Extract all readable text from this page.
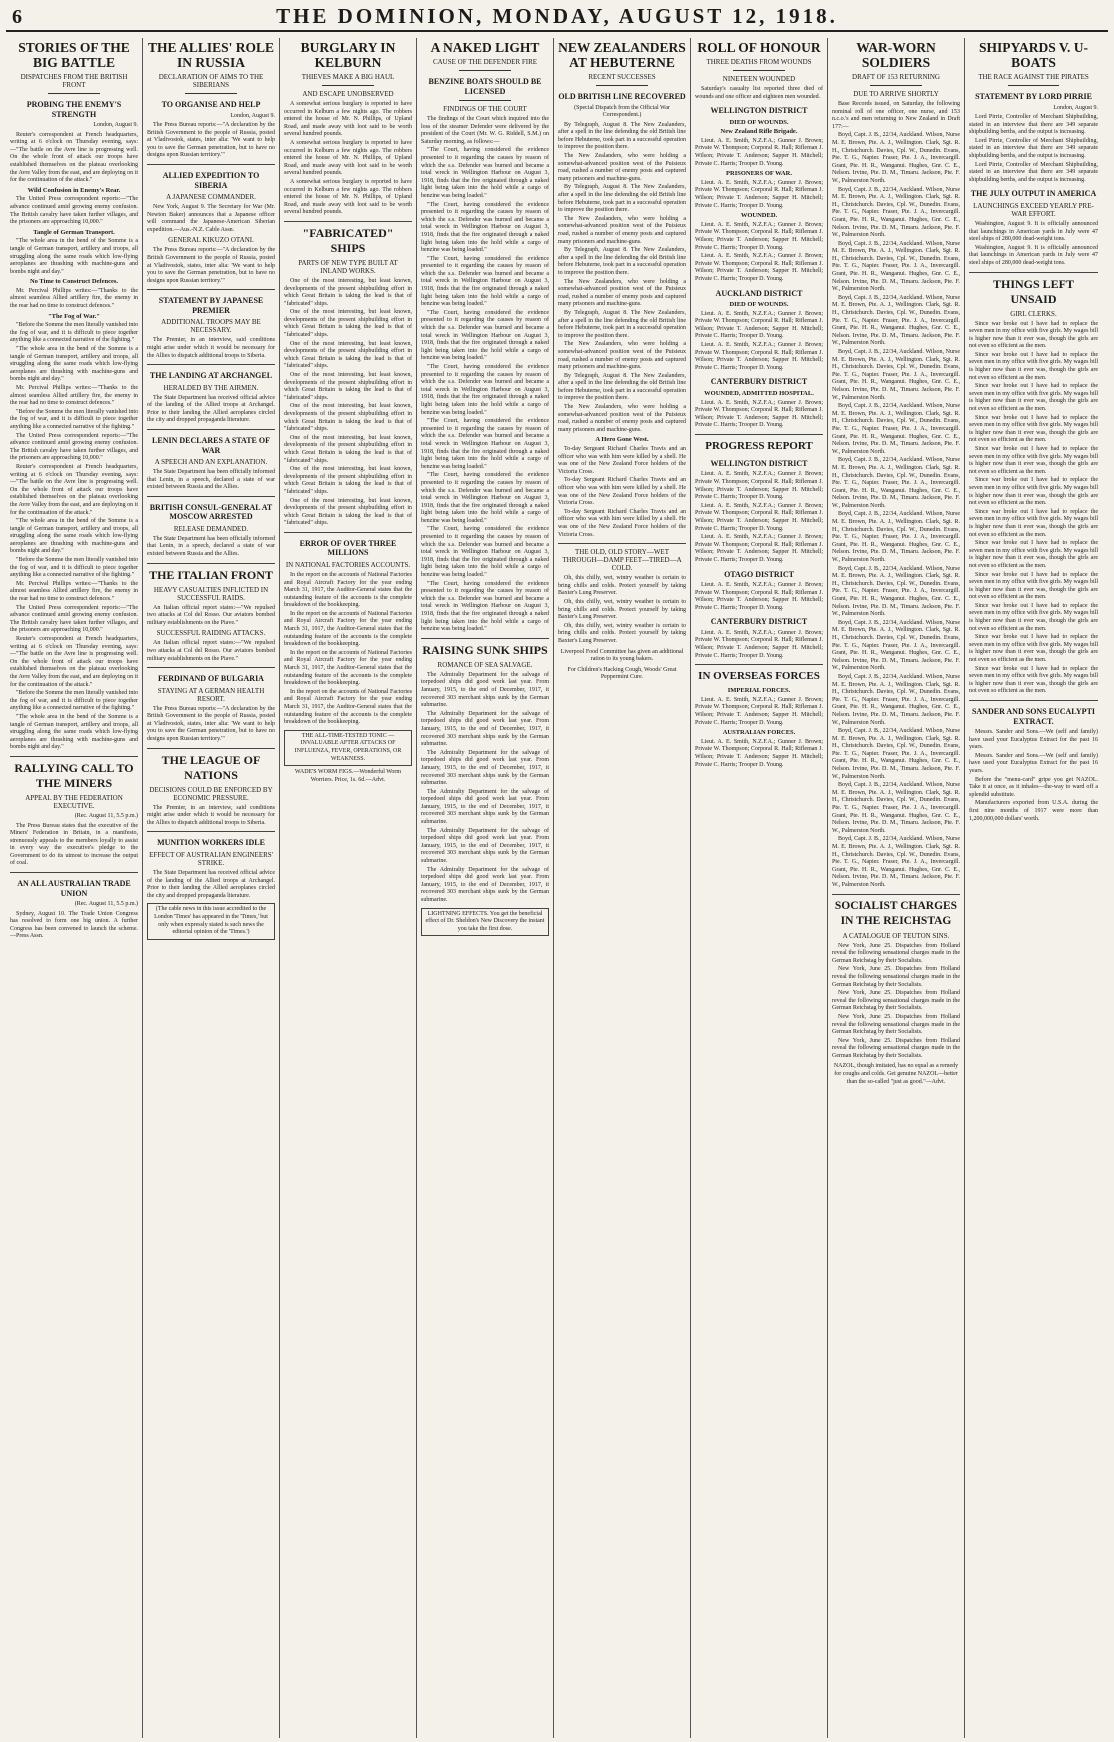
6	THE DOMINION, MONDAY, AUGUST 12, 1918.
STORIES OF THE BIG BATTLE
DISPATCHES FROM THE BRITISH FRONT
PROBING THE ENEMY'S STRENGTH
London, August 9.

Reuter's correspondent at French headquarters, writing at 6 o'clock on Thursday evening, says:—"The battle on the Avre line is progressing well. On the whole front of attack our troops have established themselves on the plateau overlooking the Avre Valley from the east, and are deploying on it for the continuation of the attack."

Wild Confusion in Enemy's Rear.

The United Press correspondent reports:—"The advance continued amid growing enemy confusion. The British cavalry have taken further villages, and the prisoners are approaching 10,000."

Tangle of German Transport.

"The whole area in the bend of the Somme is a tangle of German transport, artillery and troops, all struggling along the same roads which low-flying aeroplanes are thrashing with machine-guns and bombs night and day."

No Time to Construct Defences.

Mr. Percival Phillips writes:—"Thanks to the almost seamless Allied artillery fire, the enemy in the rear had no time to construct defences."

"The Fog of War."

"Before the Somme the men literally vanished into the fog of war, and it is difficult to piece together anything like a connected narrative of the fighting."

"The whole area in the bend of the Somme is a tangle of German transport, artillery and troops, all struggling along the same roads which low-flying aeroplanes are thrashing with machine-guns and bombs night and day."

Mr. Percival Phillips writes:—"Thanks to the almost seamless Allied artillery fire, the enemy in the rear had no time to construct defences."

"Before the Somme the men literally vanished into the fog of war, and it is difficult to piece together anything like a connected narrative of the fighting."

The United Press correspondent reports:—"The advance continued amid growing enemy confusion. The British cavalry have taken further villages, and the prisoners are approaching 10,000."

Reuter's correspondent at French headquarters, writing at 6 o'clock on Thursday evening, says:—"The battle on the Avre line is progressing well. On the whole front of attack our troops have established themselves on the plateau overlooking the Avre Valley from the east, and are deploying on it for the continuation of the attack."

"The whole area in the bend of the Somme is a tangle of German transport, artillery and troops, all struggling along the same roads which low-flying aeroplanes are thrashing with machine-guns and bombs night and day."

"Before the Somme the men literally vanished into the fog of war, and it is difficult to piece together anything like a connected narrative of the fighting."

Mr. Percival Phillips writes:—"Thanks to the almost seamless Allied artillery fire, the enemy in the rear had no time to construct defences."

The United Press correspondent reports:—"The advance continued amid growing enemy confusion. The British cavalry have taken further villages, and the prisoners are approaching 10,000."

Reuter's correspondent at French headquarters, writing at 6 o'clock on Thursday evening, says:—"The battle on the Avre line is progressing well. On the whole front of attack our troops have established themselves on the plateau overlooking the Avre Valley from the east, and are deploying on it for the continuation of the attack."

"Before the Somme the men literally vanished into the fog of war, and it is difficult to piece together anything like a connected narrative of the fighting."

"The whole area in the bend of the Somme is a tangle of German transport, artillery and troops, all struggling along the same roads which low-flying aeroplanes are thrashing with machine-guns and bombs night and day."

RALLYING CALL TO THE MINERS
APPEAL BY THE FEDERATION EXECUTIVE.
(Rec. August 11, 5.5 p.m.)

The Press Bureau states that the executive of the Miners' Federation in Britain, in a manifesto, strenuously appeals to the members loyally to assist in every way the executive's pledge to the Government to do its utmost to increase the output of coal.

AN ALL AUSTRALIAN TRADE UNION
(Rec. August 11, 5.5 p.m.)

Sydney, August 10. The Trade Union Congress has resolved to form one big union. A further Congress has been convened to launch the scheme.—Press Assn.

THE ALLIES' ROLE IN RUSSIA
DECLARATION OF AIMS TO THE SIBERIANS
TO ORGANISE AND HELP
London, August 9.

The Press Bureau reports:—"A declaration by the British Government to the people of Russia, posted at Vladivostok, states, inter alia: 'We want to help you to save the German penetration, but to have no designs upon Russian territory.'"

ALLIED EXPEDITION TO SIBERIA
A JAPANESE COMMANDER.

New York, August 9. The Secretary for War (Mr. Newton Baker) announces that a Japanese officer will command the Japanese-American Siberian expedition.—Aus.-N.Z. Cable Assn.

GENERAL KIKUZO OTANI.

The Press Bureau reports:—"A declaration by the British Government to the people of Russia, posted at Vladivostok, states, inter alia: 'We want to help you to save the German penetration, but to have no designs upon Russian territory.'"

STATEMENT BY JAPANESE PREMIER
ADDITIONAL TROOPS MAY BE NECESSARY.

The Premier, in an interview, said conditions might arise under which it would be necessary for the Allies to dispatch additional troops to Siberia.

THE LANDING AT ARCHANGEL
HERALDED BY THE AIRMEN.

The State Department has received official advice of the landing of the Allied troops at Archangel. Prior to their landing the Allied aeroplanes circled the city and dropped propaganda literature.

LENIN DECLARES A STATE OF WAR
A SPEECH AND AN EXPLANATION.

The State Department has been officially informed that Lenin, in a speech, declared a state of war existed between Russia and the Allies.

BRITISH CONSUL-GENERAL AT MOSCOW ARRESTED
RELEASE DEMANDED.

The State Department has been officially informed that Lenin, in a speech, declared a state of war existed between Russia and the Allies.

THE ITALIAN FRONT
HEAVY CASUALTIES INFLICTED IN SUCCESSFUL RAIDS.

An Italian official report states:—"We repulsed two attacks at Col del Rosso. Our aviators bombed military establishments on the Piave."

SUCCESSFUL RAIDING ATTACKS.

An Italian official report states:—"We repulsed two attacks at Col del Rosso. Our aviators bombed military establishments on the Piave."

FERDINAND OF BULGARIA
STAYING AT A GERMAN HEALTH RESORT.

The Press Bureau reports:—"A declaration by the British Government to the people of Russia, posted at Vladivostok, states, inter alia: 'We want to help you to save the German penetration, but to have no designs upon Russian territory.'"

THE LEAGUE OF NATIONS
DECISIONS COULD BE ENFORCED BY ECONOMIC PRESSURE.

The Premier, in an interview, said conditions might arise under which it would be necessary for the Allies to dispatch additional troops to Siberia.

MUNITION WORKERS IDLE
EFFECT OF AUSTRALIAN ENGINEERS' STRIKE.

The State Department has received official advice of the landing of the Allied troops at Archangel. Prior to their landing the Allied aeroplanes circled the city and dropped propaganda literature.

(The cable news in this issue accredited to the London 'Times' has appeared in the 'Times,' but only when expressly stated is such news the editorial opinion of the 'Times.')
BURGLARY IN KELBURN
THIEVES MAKE A BIG HAUL
AND ESCAPE UNOBSERVED

A somewhat serious burglary is reported to have occurred in Kelburn a few nights ago. The robbers entered the house of Mr. N. Phillips, of Upland Road, and made away with loot said to be worth several hundred pounds.

A somewhat serious burglary is reported to have occurred in Kelburn a few nights ago. The robbers entered the house of Mr. N. Phillips, of Upland Road, and made away with loot said to be worth several hundred pounds.

A somewhat serious burglary is reported to have occurred in Kelburn a few nights ago. The robbers entered the house of Mr. N. Phillips, of Upland Road, and made away with loot said to be worth several hundred pounds.

"FABRICATED" SHIPS
PARTS OF NEW TYPE BUILT AT INLAND WORKS.

One of the most interesting, but least known, developments of the present shipbuilding effort in which Great Britain is taking the lead is that of "fabricated" ships.

One of the most interesting, but least known, developments of the present shipbuilding effort in which Great Britain is taking the lead is that of "fabricated" ships.

One of the most interesting, but least known, developments of the present shipbuilding effort in which Great Britain is taking the lead is that of "fabricated" ships.

One of the most interesting, but least known, developments of the present shipbuilding effort in which Great Britain is taking the lead is that of "fabricated" ships.

One of the most interesting, but least known, developments of the present shipbuilding effort in which Great Britain is taking the lead is that of "fabricated" ships.

One of the most interesting, but least known, developments of the present shipbuilding effort in which Great Britain is taking the lead is that of "fabricated" ships.

One of the most interesting, but least known, developments of the present shipbuilding effort in which Great Britain is taking the lead is that of "fabricated" ships.

One of the most interesting, but least known, developments of the present shipbuilding effort in which Great Britain is taking the lead is that of "fabricated" ships.

ERROR OF OVER THREE MILLIONS
IN NATIONAL FACTORIES ACCOUNTS.

In the report on the accounts of National Factories and Royal Aircraft Factory for the year ending March 31, 1917, the Auditor-General states that the outstanding feature of the accounts is the complete breakdown of the bookkeeping.

In the report on the accounts of National Factories and Royal Aircraft Factory for the year ending March 31, 1917, the Auditor-General states that the outstanding feature of the accounts is the complete breakdown of the bookkeeping.

In the report on the accounts of National Factories and Royal Aircraft Factory for the year ending March 31, 1917, the Auditor-General states that the outstanding feature of the accounts is the complete breakdown of the bookkeeping.

In the report on the accounts of National Factories and Royal Aircraft Factory for the year ending March 31, 1917, the Auditor-General states that the outstanding feature of the accounts is the complete breakdown of the bookkeeping.

THE ALL-TIME-TESTED TONIC — INVALUABLE AFTER ATTACKS OF INFLUENZA, FEVER, OPERATIONS, OR WEAKNESS.
WADE'S WORM FIGS.—Wonderful Worm Worriers. Price, 1s. 6d.—Advt.
A NAKED LIGHT
CAUSE OF THE DEFENDER FIRE
BENZINE BOATS SHOULD BE LICENSED
FINDINGS OF THE COURT

The findings of the Court which inquired into the loss of the steamer Defender were delivered by the president of the Court (Mr. W. G. Riddell, S.M.) on Saturday morning, as follows:—

"The Court, having considered the evidence presented to it regarding the causes by reason of which the s.s. Defender was burned and became a total wreck in Wellington Harbour on August 3, 1918, finds that the fire originated through a naked light being taken into the hold while a cargo of benzine was being loaded."

"The Court, having considered the evidence presented to it regarding the causes by reason of which the s.s. Defender was burned and became a total wreck in Wellington Harbour on August 3, 1918, finds that the fire originated through a naked light being taken into the hold while a cargo of benzine was being loaded."

"The Court, having considered the evidence presented to it regarding the causes by reason of which the s.s. Defender was burned and became a total wreck in Wellington Harbour on August 3, 1918, finds that the fire originated through a naked light being taken into the hold while a cargo of benzine was being loaded."

"The Court, having considered the evidence presented to it regarding the causes by reason of which the s.s. Defender was burned and became a total wreck in Wellington Harbour on August 3, 1918, finds that the fire originated through a naked light being taken into the hold while a cargo of benzine was being loaded."

"The Court, having considered the evidence presented to it regarding the causes by reason of which the s.s. Defender was burned and became a total wreck in Wellington Harbour on August 3, 1918, finds that the fire originated through a naked light being taken into the hold while a cargo of benzine was being loaded."

"The Court, having considered the evidence presented to it regarding the causes by reason of which the s.s. Defender was burned and became a total wreck in Wellington Harbour on August 3, 1918, finds that the fire originated through a naked light being taken into the hold while a cargo of benzine was being loaded."

"The Court, having considered the evidence presented to it regarding the causes by reason of which the s.s. Defender was burned and became a total wreck in Wellington Harbour on August 3, 1918, finds that the fire originated through a naked light being taken into the hold while a cargo of benzine was being loaded."

"The Court, having considered the evidence presented to it regarding the causes by reason of which the s.s. Defender was burned and became a total wreck in Wellington Harbour on August 3, 1918, finds that the fire originated through a naked light being taken into the hold while a cargo of benzine was being loaded."

"The Court, having considered the evidence presented to it regarding the causes by reason of which the s.s. Defender was burned and became a total wreck in Wellington Harbour on August 3, 1918, finds that the fire originated through a naked light being taken into the hold while a cargo of benzine was being loaded."

RAISING SUNK SHIPS
ROMANCE OF SEA SALVAGE.

The Admiralty Department for the salvage of torpedoed ships did good work last year. From January, 1915, to the end of December, 1917, it recovered 303 merchant ships sunk by the German submarine.

The Admiralty Department for the salvage of torpedoed ships did good work last year. From January, 1915, to the end of December, 1917, it recovered 303 merchant ships sunk by the German submarine.

The Admiralty Department for the salvage of torpedoed ships did good work last year. From January, 1915, to the end of December, 1917, it recovered 303 merchant ships sunk by the German submarine.

The Admiralty Department for the salvage of torpedoed ships did good work last year. From January, 1915, to the end of December, 1917, it recovered 303 merchant ships sunk by the German submarine.

The Admiralty Department for the salvage of torpedoed ships did good work last year. From January, 1915, to the end of December, 1917, it recovered 303 merchant ships sunk by the German submarine.

The Admiralty Department for the salvage of torpedoed ships did good work last year. From January, 1915, to the end of December, 1917, it recovered 303 merchant ships sunk by the German submarine.

LIGHTNING EFFECTS. You get the beneficial effect of Dr. Sheldon's New Discovery the instant you take the first dose.
NEW ZEALANDERS AT HEBUTERNE
RECENT SUCCESSES
OLD BRITISH LINE RECOVERED
(Special Dispatch from the Official War Correspondent.)

By Telegraph, August 8. The New Zealanders, after a spell in the line defending the old British line before Hebuterne, took part in a successful operation to improve the position there.

The New Zealanders, who were holding a somewhat-advanced position west of the Puisieux road, rushed a number of enemy posts and captured many prisoners and machine-guns.

By Telegraph, August 8. The New Zealanders, after a spell in the line defending the old British line before Hebuterne, took part in a successful operation to improve the position there.

The New Zealanders, who were holding a somewhat-advanced position west of the Puisieux road, rushed a number of enemy posts and captured many prisoners and machine-guns.

By Telegraph, August 8. The New Zealanders, after a spell in the line defending the old British line before Hebuterne, took part in a successful operation to improve the position there.

The New Zealanders, who were holding a somewhat-advanced position west of the Puisieux road, rushed a number of enemy posts and captured many prisoners and machine-guns.

By Telegraph, August 8. The New Zealanders, after a spell in the line defending the old British line before Hebuterne, took part in a successful operation to improve the position there.

The New Zealanders, who were holding a somewhat-advanced position west of the Puisieux road, rushed a number of enemy posts and captured many prisoners and machine-guns.

By Telegraph, August 8. The New Zealanders, after a spell in the line defending the old British line before Hebuterne, took part in a successful operation to improve the position there.

The New Zealanders, who were holding a somewhat-advanced position west of the Puisieux road, rushed a number of enemy posts and captured many prisoners and machine-guns.

A Hero Gone West.

To-day Sergeant Richard Charles Travis and an officer who was with him were killed by a shell. He was one of the New Zealand Force holders of the Victoria Cross.

To-day Sergeant Richard Charles Travis and an officer who was with him were killed by a shell. He was one of the New Zealand Force holders of the Victoria Cross.

To-day Sergeant Richard Charles Travis and an officer who was with him were killed by a shell. He was one of the New Zealand Force holders of the Victoria Cross.

THE OLD, OLD STORY—WET THROUGH—DAMP FEET—TIRED—A COLD.

Oh, this chilly, wet, wintry weather is certain to bring chills and colds. Protect yourself by taking Baxter's Lung Preserver.

Oh, this chilly, wet, wintry weather is certain to bring chills and colds. Protect yourself by taking Baxter's Lung Preserver.

Oh, this chilly, wet, wintry weather is certain to bring chills and colds. Protect yourself by taking Baxter's Lung Preserver.

Liverpool Food Committee has given an additional ration to its young bakers.
For Children's Hacking Cough, Woods' Great Peppermint Cure.
ROLL OF HONOUR
THREE DEATHS FROM WOUNDS
NINETEEN WOUNDED

Saturday's casualty list reported three died of wounds and one officer and eighteen men wounded.

WELLINGTON DISTRICT
DIED OF WOUNDS.
New Zealand Rifle Brigade.

Lieut. A. E. Smith, N.Z.F.A.; Gunner J. Brown; Private W. Thompson; Corporal R. Hall; Rifleman J. Wilson; Private T. Anderson; Sapper H. Mitchell; Private C. Harris; Trooper D. Young.

PRISONERS OF WAR.

Lieut. A. E. Smith, N.Z.F.A.; Gunner J. Brown; Private W. Thompson; Corporal R. Hall; Rifleman J. Wilson; Private T. Anderson; Sapper H. Mitchell; Private C. Harris; Trooper D. Young.

WOUNDED.

Lieut. A. E. Smith, N.Z.F.A.; Gunner J. Brown; Private W. Thompson; Corporal R. Hall; Rifleman J. Wilson; Private T. Anderson; Sapper H. Mitchell; Private C. Harris; Trooper D. Young.

Lieut. A. E. Smith, N.Z.F.A.; Gunner J. Brown; Private W. Thompson; Corporal R. Hall; Rifleman J. Wilson; Private T. Anderson; Sapper H. Mitchell; Private C. Harris; Trooper D. Young.

AUCKLAND DISTRICT
DIED OF WOUNDS.

Lieut. A. E. Smith, N.Z.F.A.; Gunner J. Brown; Private W. Thompson; Corporal R. Hall; Rifleman J. Wilson; Private T. Anderson; Sapper H. Mitchell; Private C. Harris; Trooper D. Young.

Lieut. A. E. Smith, N.Z.F.A.; Gunner J. Brown; Private W. Thompson; Corporal R. Hall; Rifleman J. Wilson; Private T. Anderson; Sapper H. Mitchell; Private C. Harris; Trooper D. Young.

CANTERBURY DISTRICT
WOUNDED, ADMITTED HOSPITAL.

Lieut. A. E. Smith, N.Z.F.A.; Gunner J. Brown; Private W. Thompson; Corporal R. Hall; Rifleman J. Wilson; Private T. Anderson; Sapper H. Mitchell; Private C. Harris; Trooper D. Young.

PROGRESS REPORT
WELLINGTON DISTRICT

Lieut. A. E. Smith, N.Z.F.A.; Gunner J. Brown; Private W. Thompson; Corporal R. Hall; Rifleman J. Wilson; Private T. Anderson; Sapper H. Mitchell; Private C. Harris; Trooper D. Young.

Lieut. A. E. Smith, N.Z.F.A.; Gunner J. Brown; Private W. Thompson; Corporal R. Hall; Rifleman J. Wilson; Private T. Anderson; Sapper H. Mitchell; Private C. Harris; Trooper D. Young.

Lieut. A. E. Smith, N.Z.F.A.; Gunner J. Brown; Private W. Thompson; Corporal R. Hall; Rifleman J. Wilson; Private T. Anderson; Sapper H. Mitchell; Private C. Harris; Trooper D. Young.

OTAGO DISTRICT

Lieut. A. E. Smith, N.Z.F.A.; Gunner J. Brown; Private W. Thompson; Corporal R. Hall; Rifleman J. Wilson; Private T. Anderson; Sapper H. Mitchell; Private C. Harris; Trooper D. Young.

CANTERBURY DISTRICT

Lieut. A. E. Smith, N.Z.F.A.; Gunner J. Brown; Private W. Thompson; Corporal R. Hall; Rifleman J. Wilson; Private T. Anderson; Sapper H. Mitchell; Private C. Harris; Trooper D. Young.

IN OVERSEAS FORCES
IMPERIAL FORCES.

Lieut. A. E. Smith, N.Z.F.A.; Gunner J. Brown; Private W. Thompson; Corporal R. Hall; Rifleman J. Wilson; Private T. Anderson; Sapper H. Mitchell; Private C. Harris; Trooper D. Young.

AUSTRALIAN FORCES.

Lieut. A. E. Smith, N.Z.F.A.; Gunner J. Brown; Private W. Thompson; Corporal R. Hall; Rifleman J. Wilson; Private T. Anderson; Sapper H. Mitchell; Private C. Harris; Trooper D. Young.

WAR-WORN SOLDIERS
DRAFT OF 153 RETURNING
DUE TO ARRIVE SHORTLY

Base Records issued, on Saturday, the following nominal roll of one officer, one nurse, and 153 n.c.o.'s and men returning to New Zealand in Draft 177:—

Boyd, Capt. J. B., 22/34, Auckland. Wilson, Nurse M. E. Brown, Pte. A. J., Wellington. Clark, Sgt. R. H., Christchurch. Davies, Cpl. W., Dunedin. Evans, Pte. T. G., Napier. Fraser, Pte. J. A., Invercargill. Grant, Pte. H. R., Wanganui. Hughes, Gnr. C. E., Nelson. Irvine, Pte. D. M., Timaru. Jackson, Pte. F. W., Palmerston North.

Boyd, Capt. J. B., 22/34, Auckland. Wilson, Nurse M. E. Brown, Pte. A. J., Wellington. Clark, Sgt. R. H., Christchurch. Davies, Cpl. W., Dunedin. Evans, Pte. T. G., Napier. Fraser, Pte. J. A., Invercargill. Grant, Pte. H. R., Wanganui. Hughes, Gnr. C. E., Nelson. Irvine, Pte. D. M., Timaru. Jackson, Pte. F. W., Palmerston North.

Boyd, Capt. J. B., 22/34, Auckland. Wilson, Nurse M. E. Brown, Pte. A. J., Wellington. Clark, Sgt. R. H., Christchurch. Davies, Cpl. W., Dunedin. Evans, Pte. T. G., Napier. Fraser, Pte. J. A., Invercargill. Grant, Pte. H. R., Wanganui. Hughes, Gnr. C. E., Nelson. Irvine, Pte. D. M., Timaru. Jackson, Pte. F. W., Palmerston North.

Boyd, Capt. J. B., 22/34, Auckland. Wilson, Nurse M. E. Brown, Pte. A. J., Wellington. Clark, Sgt. R. H., Christchurch. Davies, Cpl. W., Dunedin. Evans, Pte. T. G., Napier. Fraser, Pte. J. A., Invercargill. Grant, Pte. H. R., Wanganui. Hughes, Gnr. C. E., Nelson. Irvine, Pte. D. M., Timaru. Jackson, Pte. F. W., Palmerston North.

Boyd, Capt. J. B., 22/34, Auckland. Wilson, Nurse M. E. Brown, Pte. A. J., Wellington. Clark, Sgt. R. H., Christchurch. Davies, Cpl. W., Dunedin. Evans, Pte. T. G., Napier. Fraser, Pte. J. A., Invercargill. Grant, Pte. H. R., Wanganui. Hughes, Gnr. C. E., Nelson. Irvine, Pte. D. M., Timaru. Jackson, Pte. F. W., Palmerston North.

Boyd, Capt. J. B., 22/34, Auckland. Wilson, Nurse M. E. Brown, Pte. A. J., Wellington. Clark, Sgt. R. H., Christchurch. Davies, Cpl. W., Dunedin. Evans, Pte. T. G., Napier. Fraser, Pte. J. A., Invercargill. Grant, Pte. H. R., Wanganui. Hughes, Gnr. C. E., Nelson. Irvine, Pte. D. M., Timaru. Jackson, Pte. F. W., Palmerston North.

Boyd, Capt. J. B., 22/34, Auckland. Wilson, Nurse M. E. Brown, Pte. A. J., Wellington. Clark, Sgt. R. H., Christchurch. Davies, Cpl. W., Dunedin. Evans, Pte. T. G., Napier. Fraser, Pte. J. A., Invercargill. Grant, Pte. H. R., Wanganui. Hughes, Gnr. C. E., Nelson. Irvine, Pte. D. M., Timaru. Jackson, Pte. F. W., Palmerston North.

Boyd, Capt. J. B., 22/34, Auckland. Wilson, Nurse M. E. Brown, Pte. A. J., Wellington. Clark, Sgt. R. H., Christchurch. Davies, Cpl. W., Dunedin. Evans, Pte. T. G., Napier. Fraser, Pte. J. A., Invercargill. Grant, Pte. H. R., Wanganui. Hughes, Gnr. C. E., Nelson. Irvine, Pte. D. M., Timaru. Jackson, Pte. F. W., Palmerston North.

Boyd, Capt. J. B., 22/34, Auckland. Wilson, Nurse M. E. Brown, Pte. A. J., Wellington. Clark, Sgt. R. H., Christchurch. Davies, Cpl. W., Dunedin. Evans, Pte. T. G., Napier. Fraser, Pte. J. A., Invercargill. Grant, Pte. H. R., Wanganui. Hughes, Gnr. C. E., Nelson. Irvine, Pte. D. M., Timaru. Jackson, Pte. F. W., Palmerston North.

Boyd, Capt. J. B., 22/34, Auckland. Wilson, Nurse M. E. Brown, Pte. A. J., Wellington. Clark, Sgt. R. H., Christchurch. Davies, Cpl. W., Dunedin. Evans, Pte. T. G., Napier. Fraser, Pte. J. A., Invercargill. Grant, Pte. H. R., Wanganui. Hughes, Gnr. C. E., Nelson. Irvine, Pte. D. M., Timaru. Jackson, Pte. F. W., Palmerston North.

Boyd, Capt. J. B., 22/34, Auckland. Wilson, Nurse M. E. Brown, Pte. A. J., Wellington. Clark, Sgt. R. H., Christchurch. Davies, Cpl. W., Dunedin. Evans, Pte. T. G., Napier. Fraser, Pte. J. A., Invercargill. Grant, Pte. H. R., Wanganui. Hughes, Gnr. C. E., Nelson. Irvine, Pte. D. M., Timaru. Jackson, Pte. F. W., Palmerston North.

Boyd, Capt. J. B., 22/34, Auckland. Wilson, Nurse M. E. Brown, Pte. A. J., Wellington. Clark, Sgt. R. H., Christchurch. Davies, Cpl. W., Dunedin. Evans, Pte. T. G., Napier. Fraser, Pte. J. A., Invercargill. Grant, Pte. H. R., Wanganui. Hughes, Gnr. C. E., Nelson. Irvine, Pte. D. M., Timaru. Jackson, Pte. F. W., Palmerston North.

Boyd, Capt. J. B., 22/34, Auckland. Wilson, Nurse M. E. Brown, Pte. A. J., Wellington. Clark, Sgt. R. H., Christchurch. Davies, Cpl. W., Dunedin. Evans, Pte. T. G., Napier. Fraser, Pte. J. A., Invercargill. Grant, Pte. H. R., Wanganui. Hughes, Gnr. C. E., Nelson. Irvine, Pte. D. M., Timaru. Jackson, Pte. F. W., Palmerston North.

Boyd, Capt. J. B., 22/34, Auckland. Wilson, Nurse M. E. Brown, Pte. A. J., Wellington. Clark, Sgt. R. H., Christchurch. Davies, Cpl. W., Dunedin. Evans, Pte. T. G., Napier. Fraser, Pte. J. A., Invercargill. Grant, Pte. H. R., Wanganui. Hughes, Gnr. C. E., Nelson. Irvine, Pte. D. M., Timaru. Jackson, Pte. F. W., Palmerston North.

SOCIALIST CHARGES IN THE REICHSTAG
A CATALOGUE OF TEUTON SINS.

New York, June 25. Dispatches from Holland reveal the following sensational charges made in the German Reichstag by their Socialists.

New York, June 25. Dispatches from Holland reveal the following sensational charges made in the German Reichstag by their Socialists.

New York, June 25. Dispatches from Holland reveal the following sensational charges made in the German Reichstag by their Socialists.

New York, June 25. Dispatches from Holland reveal the following sensational charges made in the German Reichstag by their Socialists.

New York, June 25. Dispatches from Holland reveal the following sensational charges made in the German Reichstag by their Socialists.

NAZOL, though imitated, has no equal as a remedy for coughs and colds. Get genuine NAZOL—better than the so-called "just as good."—Advt.
SHIPYARDS V. U-BOATS
THE RACE AGAINST THE PIRATES
STATEMENT BY LORD PIRRIE
London, August 9.

Lord Pirrie, Controller of Merchant Shipbuilding, stated in an interview that there are 349 separate shipbuilding berths, and the output is increasing.

Lord Pirrie, Controller of Merchant Shipbuilding, stated in an interview that there are 349 separate shipbuilding berths, and the output is increasing.

Lord Pirrie, Controller of Merchant Shipbuilding, stated in an interview that there are 349 separate shipbuilding berths, and the output is increasing.

THE JULY OUTPUT IN AMERICA
LAUNCHINGS EXCEED YEARLY PRE-WAR EFFORT.

Washington, August 9. It is officially announced that launchings in American yards in July were 47 steel ships of 280,000 dead-weight tons.

Washington, August 9. It is officially announced that launchings in American yards in July were 47 steel ships of 280,000 dead-weight tons.

THINGS LEFT UNSAID
GIRL CLERKS.

Since war broke out I have had to replace the seven men in my office with five girls. My wages bill is higher now than it ever was, though the girls are not even so efficient as the men.

Since war broke out I have had to replace the seven men in my office with five girls. My wages bill is higher now than it ever was, though the girls are not even so efficient as the men.

Since war broke out I have had to replace the seven men in my office with five girls. My wages bill is higher now than it ever was, though the girls are not even so efficient as the men.

Since war broke out I have had to replace the seven men in my office with five girls. My wages bill is higher now than it ever was, though the girls are not even so efficient as the men.

Since war broke out I have had to replace the seven men in my office with five girls. My wages bill is higher now than it ever was, though the girls are not even so efficient as the men.

Since war broke out I have had to replace the seven men in my office with five girls. My wages bill is higher now than it ever was, though the girls are not even so efficient as the men.

Since war broke out I have had to replace the seven men in my office with five girls. My wages bill is higher now than it ever was, though the girls are not even so efficient as the men.

Since war broke out I have had to replace the seven men in my office with five girls. My wages bill is higher now than it ever was, though the girls are not even so efficient as the men.

Since war broke out I have had to replace the seven men in my office with five girls. My wages bill is higher now than it ever was, though the girls are not even so efficient as the men.

Since war broke out I have had to replace the seven men in my office with five girls. My wages bill is higher now than it ever was, though the girls are not even so efficient as the men.

Since war broke out I have had to replace the seven men in my office with five girls. My wages bill is higher now than it ever was, though the girls are not even so efficient as the men.

Since war broke out I have had to replace the seven men in my office with five girls. My wages bill is higher now than it ever was, though the girls are not even so efficient as the men.

SANDER AND SONS EUCALYPTI EXTRACT.

Messrs. Sander and Sons.—We (self and family) have used your Eucalyptus Extract for the past 16 years.

Messrs. Sander and Sons.—We (self and family) have used your Eucalyptus Extract for the past 16 years.

Before the "menu-card" gripe you get NAZOL. Take it at once, as it inhales—the-way to ward off a splendid substitute.

Manufacturers exported from U.S.A. during the first nine months of 1917 were more than 1,200,000,000 dollars' worth.
